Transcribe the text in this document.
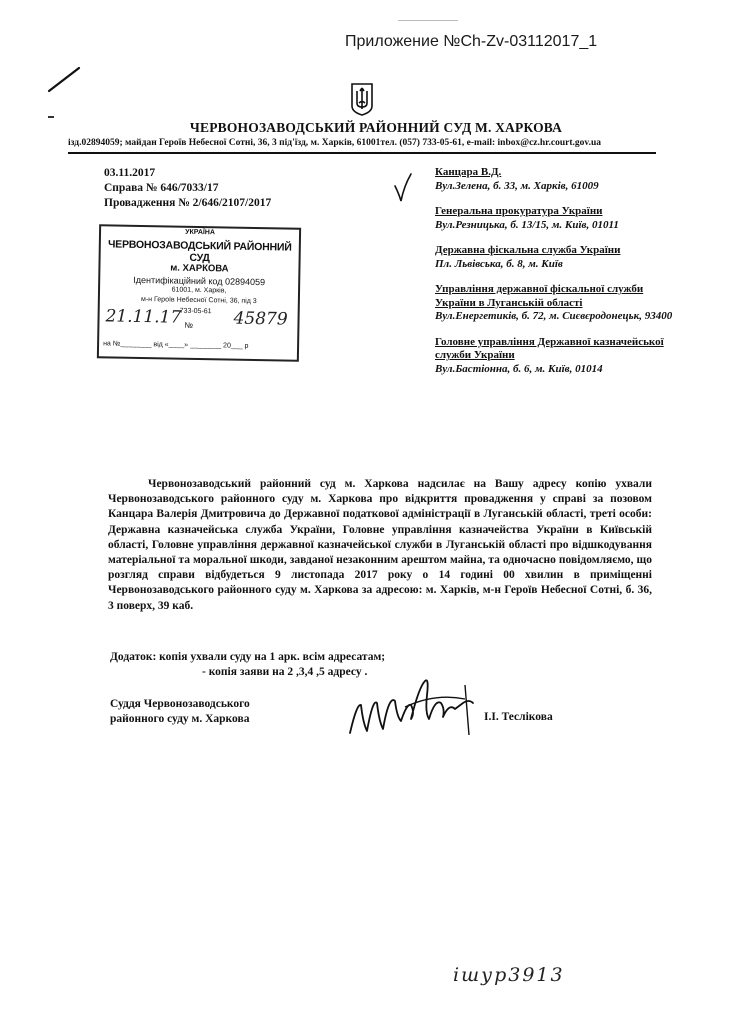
Приложение №Ch-Zv-03112017_1
ЧЕРВОНОЗАВОДСЬКИЙ РАЙОННИЙ СУД М. ХАРКОВА
ізд.02894059; майдан Героїв Небесної Сотні, 36, 3 під'їзд, м. Харків, 61001тел. (057) 733-05-61, e-mail: inbox@cz.hr.court.gov.ua
03.11.2017
Справа № 646/7033/17
Провадження № 2/646/2107/2017
Канцара В.Д.
Вул.Зелена, б. 33, м. Харків, 61009
Генеральна прокуратура України
Вул.Резницька, б. 13/15, м. Київ, 01011
Державна фіскальна служба України
Пл. Львівська, б. 8, м. Київ
Управління державної фіскальної служби України в Луганській області
Вул.Енергетиків, б. 72, м. Сиєвєродонецьк, 93400
Головне управління Державної казначейської служби України
Вул.Бастіонна, б. 6, м. Київ, 01014
УКРАЇНА
ЧЕРВОНОЗАВОДСЬКИЙ РАЙОННИЙ СУД
м. ХАРКОВА
Ідентифікаційний код 02894059
61001, м. Харків,
м-н Героїв Небесної Сотні, 36, під 3
733-05-61
21.11.17 № 45879
на №________ від «____» ________ 20___ р
Червонозаводський районний суд м. Харкова надсилає на Вашу адресу копію ухвали Червонозаводського районного суду м. Харкова про відкриття провадження у справі за позовом Канцара Валерія Дмитровича до Державної податкової адміністрації в Луганській області, треті особи: Державна казначейська служба України, Головне управління казначейства України в Київській області, Головне управління державної казначейської служби в Луганській області про відшкодування матеріальної та моральної шкоди, завданої незаконним арештом майна, та одночасно повідомляємо, що розгляд справи відбудеться 9 листопада 2017 року о 14 годині 00 хвилин в приміщенні Червонозаводського районного суду м. Харкова за адресою: м. Харків, м-н Героїв Небесної Сотні, б. 36, 3 поверх, 39 каб.
Додаток: копія ухвали суду на 1 арк. всім адресатам;
- копія заяви на 2 ,3,4 ,5 адресу .
Суддя Червонозаводського
районного суду м. Харкова	І.І. Теслікова
iшур3913
